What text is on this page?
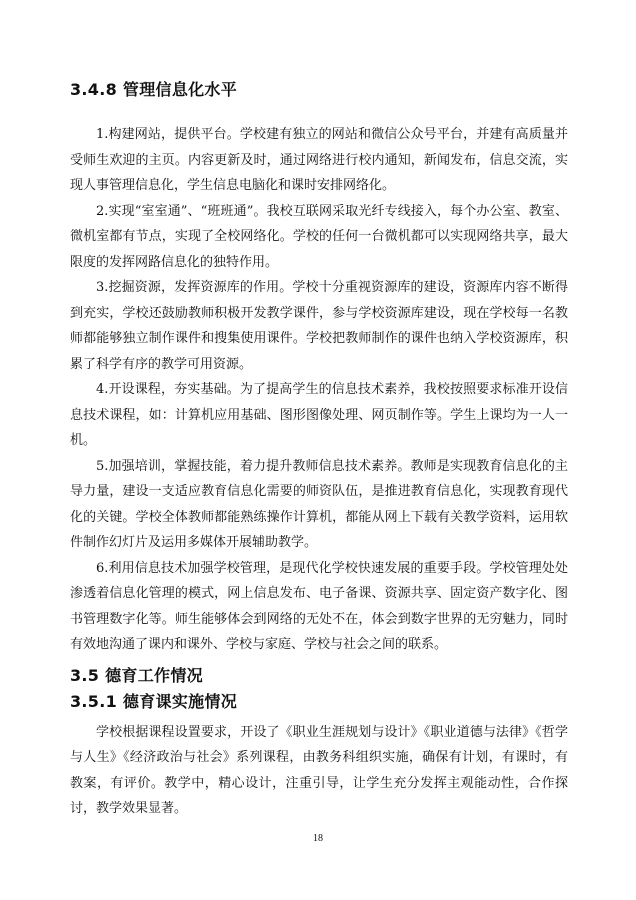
3.4.8 管理信息化水平

1.构建网站，提供平台。学校建有独立的网站和微信公众号平台，并建有高质量并受师生欢迎的主页。内容更新及时，通过网络进行校内通知，新闻发布，信息交流，实现人事管理信息化，学生信息电脑化和课时安排网络化。

2.实现“室室通”、“班班通”。我校互联网采取光纤专线接入，每个办公室、教室、微机室都有节点，实现了全校网络化。学校的任何一台微机都可以实现网络共享，最大限度的发挥网路信息化的独特作用。

3.挖掘资源，发挥资源库的作用。学校十分重视资源库的建设，资源库内容不断得到充实，学校还鼓励教师积极开发教学课件，参与学校资源库建设，现在学校每一名教师都能够独立制作课件和搜集使用课件。学校把教师制作的课件也纳入学校资源库，积累了科学有序的教学可用资源。

4.开设课程，夯实基础。为了提高学生的信息技术素养，我校按照要求标准开设信息技术课程，如：计算机应用基础、图形图像处理、网页制作等。学生上课均为一人一机。

5.加强培训，掌握技能，着力提升教师信息技术素养。教师是实现教育信息化的主导力量，建设一支适应教育信息化需要的师资队伍，是推进教育信息化，实现教育现代化的关键。学校全体教师都能熟练操作计算机，都能从网上下载有关教学资料，运用软件制作幻灯片及运用多媒体开展辅助教学。

6.利用信息技术加强学校管理，是现代化学校快速发展的重要手段。学校管理处处渗透着信息化管理的模式，网上信息发布、电子备课、资源共享、固定资产数字化、图书管理数字化等。师生能够体会到网络的无处不在，体会到数字世界的无穷魅力，同时有效地沟通了课内和课外、学校与家庭、学校与社会之间的联系。

3.5 德育工作情况
3.5.1 德育课实施情况

学校根据课程设置要求，开设了《职业生涯规划与设计》《职业道德与法律》《哲学与人生》《经济政治与社会》系列课程，由教务科组织实施，确保有计划，有课时，有教案，有评价。教学中，精心设计，注重引导，让学生充分发挥主观能动性，合作探讨，教学效果显著。

18
